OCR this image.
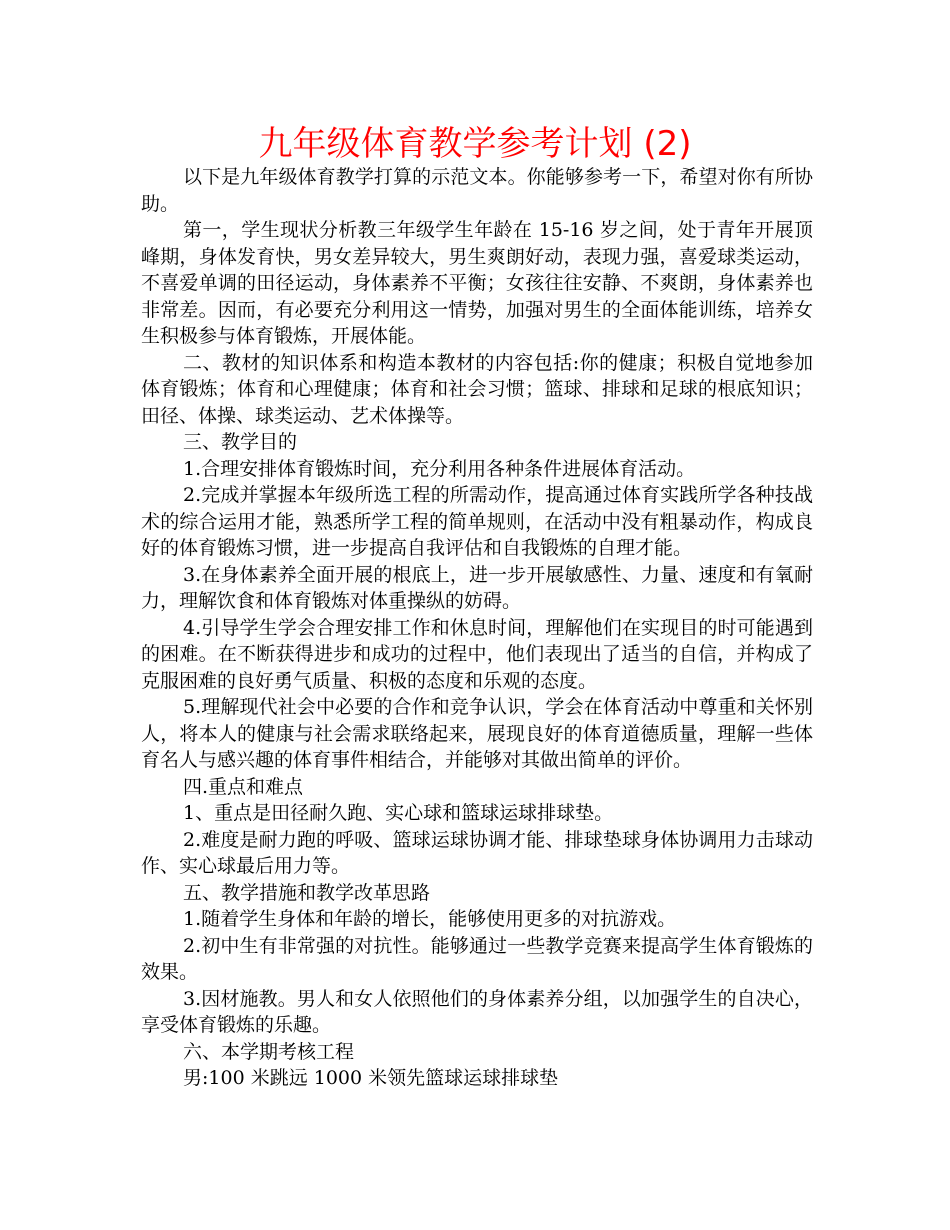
九年级体育教学参考计划 (2)

以下是九年级体育教学打算的示范文本。你能够参考一下，希望对你有所协助。

第一，学生现状分析教三年级学生年龄在 15-16 岁之间，处于青年开展顶峰期，身体发育快，男女差异较大，男生爽朗好动，表现力强，喜爱球类运动，不喜爱单调的田径运动，身体素养不平衡；女孩往往安静、不爽朗，身体素养也非常差。因而，有必要充分利用这一情势，加强对男生的全面体能训练，培养女生积极参与体育锻炼，开展体能。

二、教材的知识体系和构造本教材的内容包括:你的健康；积极自觉地参加体育锻炼；体育和心理健康；体育和社会习惯；篮球、排球和足球的根底知识；田径、体操、球类运动、艺术体操等。

三、教学目的

1.合理安排体育锻炼时间，充分利用各种条件进展体育活动。

2.完成并掌握本年级所选工程的所需动作，提高通过体育实践所学各种技战术的综合运用才能，熟悉所学工程的简单规则，在活动中没有粗暴动作，构成良好的体育锻炼习惯，进一步提高自我评估和自我锻炼的自理才能。

3.在身体素养全面开展的根底上，进一步开展敏感性、力量、速度和有氧耐力，理解饮食和体育锻炼对体重操纵的妨碍。

4.引导学生学会合理安排工作和休息时间，理解他们在实现目的时可能遇到的困难。在不断获得进步和成功的过程中，他们表现出了适当的自信，并构成了克服困难的良好勇气质量、积极的态度和乐观的态度。

5.理解现代社会中必要的合作和竞争认识，学会在体育活动中尊重和关怀别人，将本人的健康与社会需求联络起来，展现良好的体育道德质量，理解一些体育名人与感兴趣的体育事件相结合，并能够对其做出简单的评价。

四.重点和难点

1、重点是田径耐久跑、实心球和篮球运球排球垫。

2.难度是耐力跑的呼吸、篮球运球协调才能、排球垫球身体协调用力击球动作、实心球最后用力等。

五、教学措施和教学改革思路

1.随着学生身体和年龄的增长，能够使用更多的对抗游戏。

2.初中生有非常强的对抗性。能够通过一些教学竞赛来提高学生体育锻炼的效果。

3.因材施教。男人和女人依照他们的身体素养分组，以加强学生的自决心，享受体育锻炼的乐趣。

六、本学期考核工程

男:100 米跳远 1000 米领先篮球运球排球垫
